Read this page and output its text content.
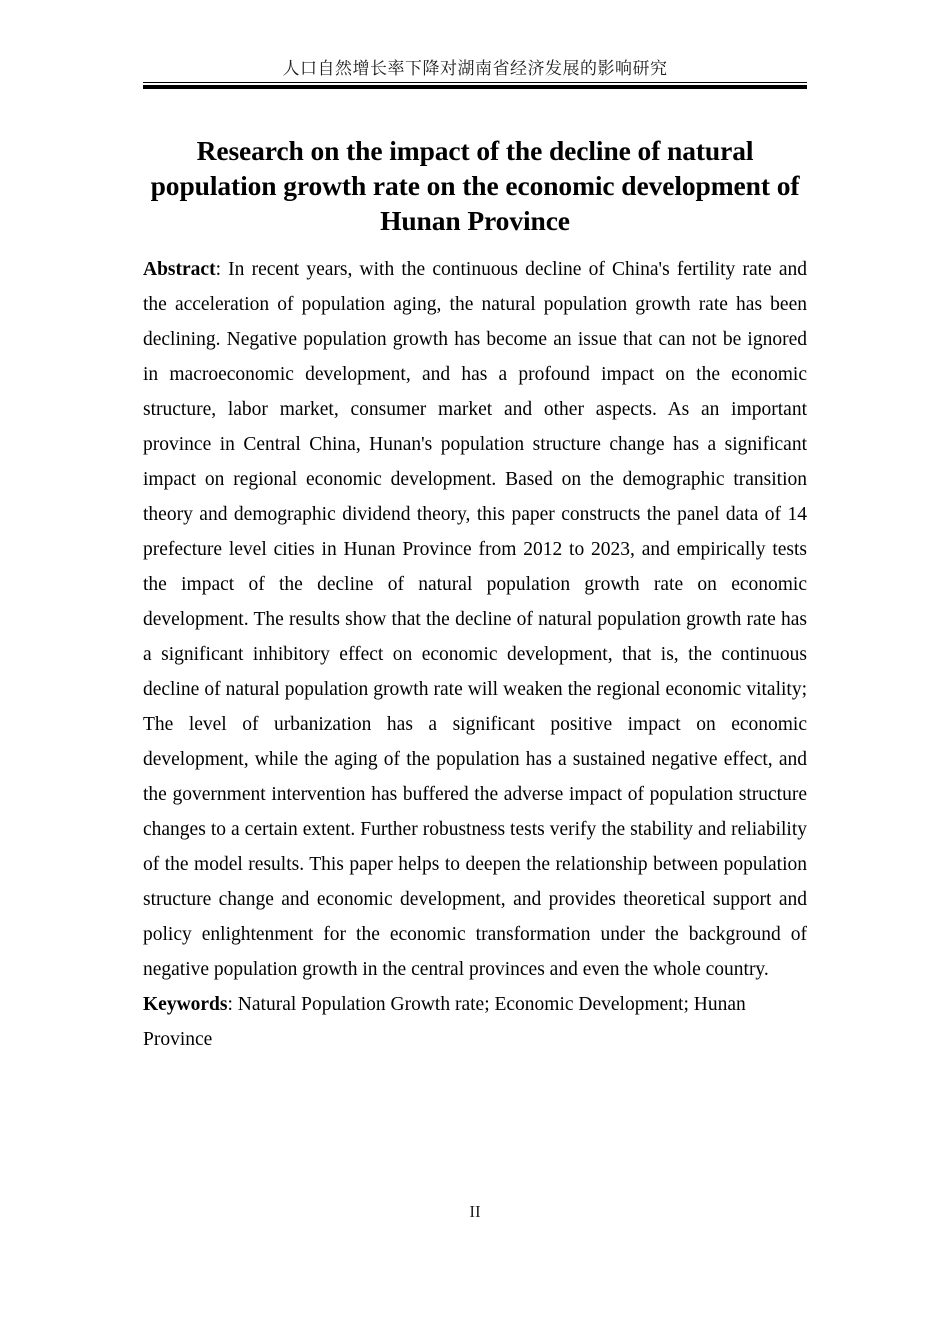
人口自然增长率下降对湖南省经济发展的影响研究
Research on the impact of the decline of natural population growth rate on the economic development of Hunan Province

Abstract: In recent years, with the continuous decline of China's fertility rate and the acceleration of population aging, the natural population growth rate has been declining. Negative population growth has become an issue that can not be ignored in macroeconomic development, and has a profound impact on the economic structure, labor market, consumer market and other aspects. As an important province in Central China, Hunan's population structure change has a significant impact on regional economic development. Based on the demographic transition theory and demographic dividend theory, this paper constructs the panel data of 14 prefecture level cities in Hunan Province from 2012 to 2023, and empirically tests the impact of the decline of natural population growth rate on economic development. The results show that the decline of natural population growth rate has a significant inhibitory effect on economic development, that is, the continuous decline of natural population growth rate will weaken the regional economic vitality; The level of urbanization has a significant positive impact on economic development, while the aging of the population has a sustained negative effect, and the government intervention has buffered the adverse impact of population structure changes to a certain extent. Further robustness tests verify the stability and reliability of the model results. This paper helps to deepen the relationship between population structure change and economic development, and provides theoretical support and policy enlightenment for the economic transformation under the background of negative population growth in the central provinces and even the whole country.

Keywords: Natural Population Growth rate; Economic Development; Hunan Province

II
